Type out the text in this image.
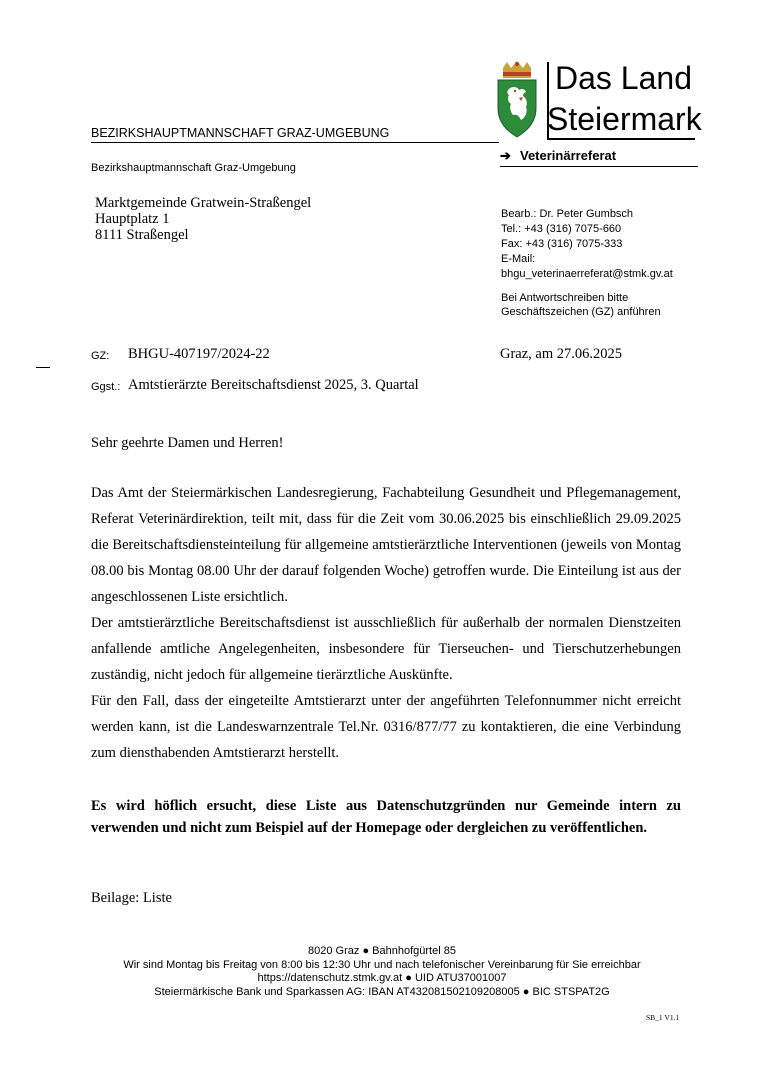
Das Land
Steiermark
BEZIRKSHAUPTMANNSCHAFT GRAZ-UMGEBUNG
➔ Veterinärreferat
Bezirkshauptmannschaft Graz-Umgebung
Marktgemeinde Gratwein-Straßengel
Hauptplatz 1
8111 Straßengel
Bearb.: Dr. Peter Gumbsch
Tel.: +43 (316) 7075-660
Fax: +43 (316) 7075-333
E-Mail:
bhgu_veterinaerreferat@stmk.gv.at
Bei Antwortschreiben bitte
Geschäftszeichen (GZ) anführen
GZ: BHGU-407197/2024-22	Graz, am 27.06.2025
Ggst.: Amtstierärzte Bereitschaftsdienst 2025, 3. Quartal
Sehr geehrte Damen und Herren!

Das Amt der Steiermärkischen Landesregierung, Fachabteilung Gesundheit und Pflegemanagement, Referat Veterinärdirektion, teilt mit, dass für die Zeit vom 30.06.2025 bis einschließlich 29.09.2025 die Bereitschaftsdiensteinteilung für allgemeine amtstierärztliche Interventionen (jeweils von Montag 08.00 bis Montag 08.00 Uhr der darauf folgenden Woche) getroffen wurde. Die Einteilung ist aus der angeschlossenen Liste ersichtlich.

Der amtstierärztliche Bereitschaftsdienst ist ausschließlich für außerhalb der normalen Dienstzeiten anfallende amtliche Angelegenheiten, insbesondere für Tierseuchen- und Tierschutzerhebungen zuständig, nicht jedoch für allgemeine tierärztliche Auskünfte.

Für den Fall, dass der eingeteilte Amtstierarzt unter der angeführten Telefonnummer nicht erreicht werden kann, ist die Landeswarnzentrale Tel.Nr. 0316/877/77 zu kontaktieren, die eine Verbindung zum diensthabenden Amtstierarzt herstellt.

Es wird höflich ersucht, diese Liste aus Datenschutzgründen nur Gemeinde intern zu verwenden und nicht zum Beispiel auf der Homepage oder dergleichen zu veröffentlichen.
Beilage: Liste
8020 Graz ● Bahnhofgürtel 85
Wir sind Montag bis Freitag von 8:00 bis 12:30 Uhr und nach telefonischer Vereinbarung für Sie erreichbar
https://datenschutz.stmk.gv.at ● UID ATU37001007
Steiermärkische Bank und Sparkassen AG: IBAN AT432081502109208005 ● BIC STSPAT2G
SB_1 V1.1
